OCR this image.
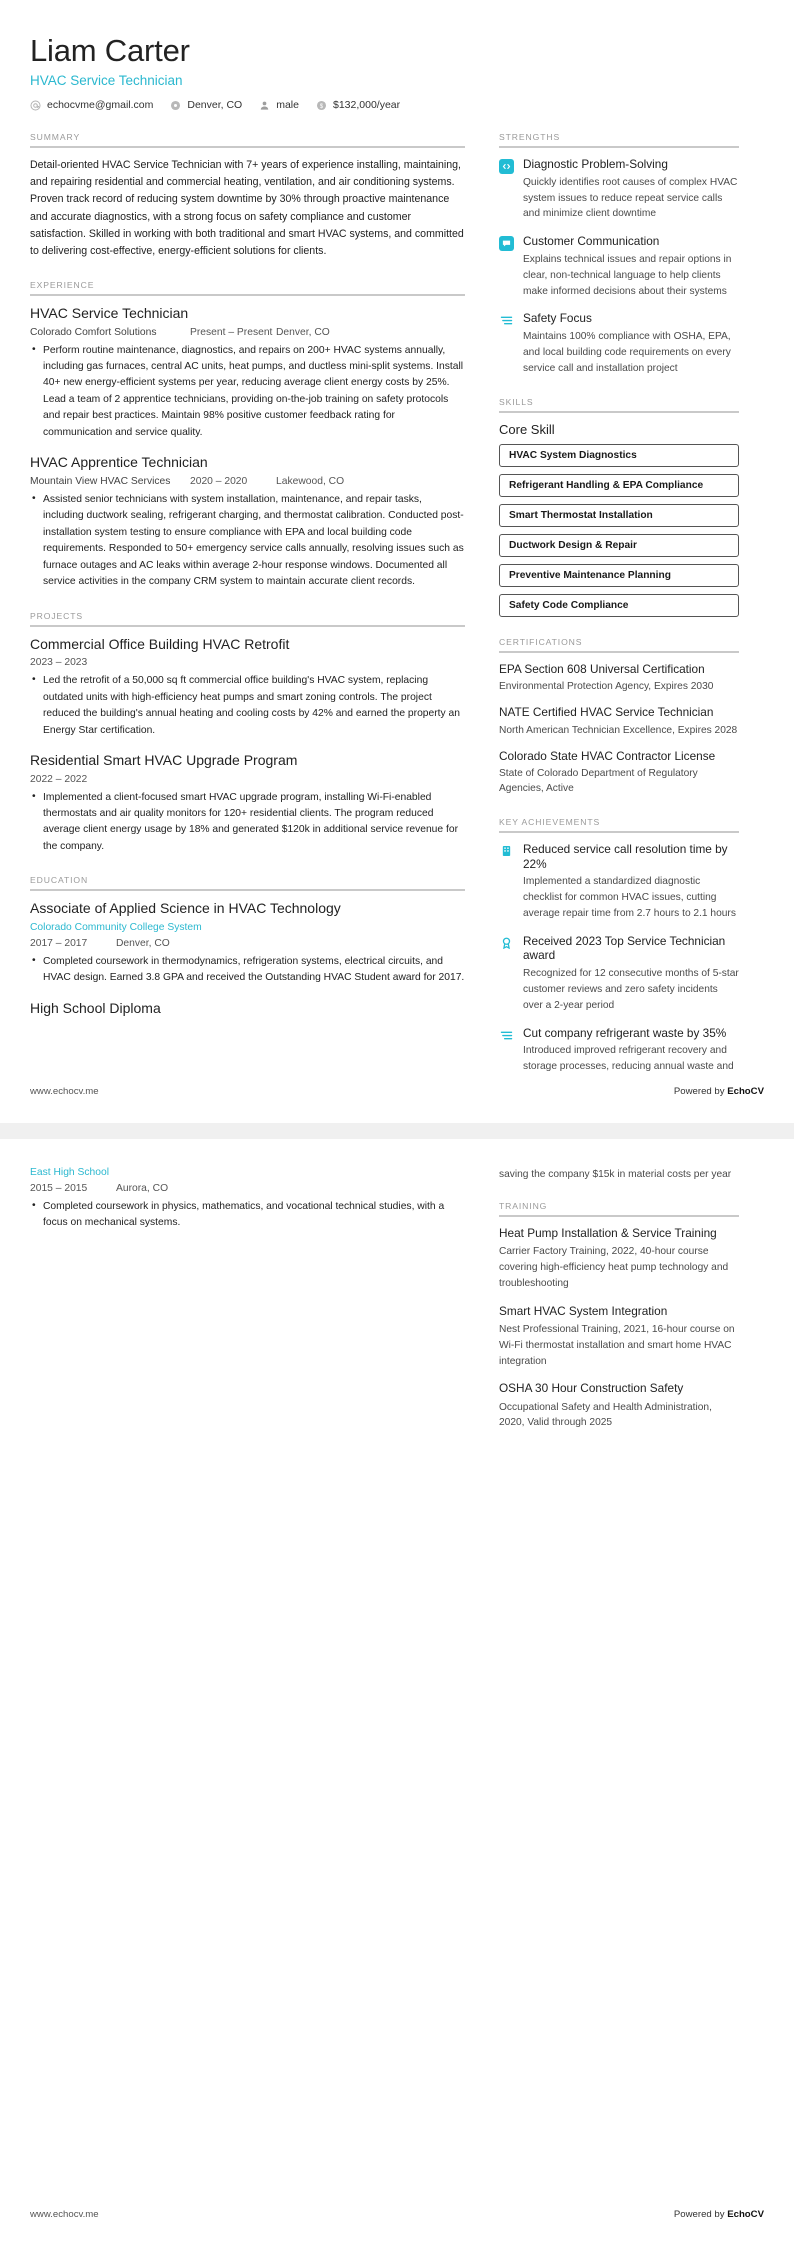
Liam Carter
HVAC Service Technician
echocvme@gmail.com	Denver, CO	male $ $132,000/year
SUMMARY
Detail-oriented HVAC Service Technician with 7+ years of experience installing, maintaining, and repairing residential and commercial heating, ventilation, and air conditioning systems. Proven track record of reducing system downtime by 30% through proactive maintenance and accurate diagnostics, with a strong focus on safety compliance and customer satisfaction. Skilled in working with both traditional and smart HVAC systems, and committed to delivering cost-effective, energy-efficient solutions for clients.
EXPERIENCE
HVAC Service Technician
Colorado Comfort Solutions	Present – Present Denver, CO
• Perform routine maintenance, diagnostics, and repairs on 200+ HVAC systems annually, including gas furnaces, central AC units, heat pumps, and ductless mini-split systems. Install 40+ new energy-efficient systems per year, reducing average client energy costs by 25%. Lead a team of 2 apprentice technicians, providing on-the-job training on safety protocols and repair best practices. Maintain 98% positive customer feedback rating for communication and service quality.
HVAC Apprentice Technician
Mountain View HVAC Services	2020 – 2020	Lakewood, CO
• Assisted senior technicians with system installation, maintenance, and repair tasks, including ductwork sealing, refrigerant charging, and thermostat calibration. Conducted post-installation system testing to ensure compliance with EPA and local building code requirements. Responded to 50+ emergency service calls annually, resolving issues such as furnace outages and AC leaks within average 2-hour response windows. Documented all service activities in the company CRM system to maintain accurate client records.
PROJECTS
Commercial Office Building HVAC Retrofit
2023 – 2023
• Led the retrofit of a 50,000 sq ft commercial office building's HVAC system, replacing outdated units with high-efficiency heat pumps and smart zoning controls. The project reduced the building's annual heating and cooling costs by 42% and earned the property an Energy Star certification.
Residential Smart HVAC Upgrade Program
2022 – 2022
• Implemented a client-focused smart HVAC upgrade program, installing Wi-Fi-enabled thermostats and air quality monitors for 120+ residential clients. The program reduced average client energy usage by 18% and generated $120k in additional service revenue for the company.
EDUCATION
Associate of Applied Science in HVAC Technology
Colorado Community College System
2017 – 2017	Denver, CO
• Completed coursework in thermodynamics, refrigeration systems, electrical circuits, and HVAC design. Earned 3.8 GPA and received the Outstanding HVAC Student award for 2017.
High School Diploma
STRENGTHS
Diagnostic Problem-Solving
Quickly identifies root causes of complex HVAC system issues to reduce repeat service calls and minimize client downtime
Customer Communication
Explains technical issues and repair options in clear, non-technical language to help clients make informed decisions about their systems
Safety Focus
Maintains 100% compliance with OSHA, EPA, and local building code requirements on every service call and installation project
SKILLS
Core Skill
HVAC System Diagnostics
Refrigerant Handling & EPA Compliance
Smart Thermostat Installation
Ductwork Design & Repair
Preventive Maintenance Planning
Safety Code Compliance
CERTIFICATIONS
EPA Section 608 Universal Certification
Environmental Protection Agency, Expires 2030
NATE Certified HVAC Service Technician
North American Technician Excellence, Expires 2028
Colorado State HVAC Contractor License
State of Colorado Department of Regulatory Agencies, Active
KEY ACHIEVEMENTS
Reduced service call resolution time by 22%
Implemented a standardized diagnostic checklist for common HVAC issues, cutting average repair time from 2.7 hours to 2.1 hours
Received 2023 Top Service Technician award
Recognized for 12 consecutive months of 5-star customer reviews and zero safety incidents over a 2-year period
Cut company refrigerant waste by 35%
Introduced improved refrigerant recovery and storage processes, reducing annual waste and
www.echocv.me	Powered by EchoCV
East High School
2015 – 2015	Aurora, CO
• Completed coursework in physics, mathematics, and vocational technical studies, with a focus on mechanical systems.
saving the company $15k in material costs per year
TRAINING
Heat Pump Installation & Service Training
Carrier Factory Training, 2022, 40-hour course covering high-efficiency heat pump technology and troubleshooting
Smart HVAC System Integration
Nest Professional Training, 2021, 16-hour course on Wi-Fi thermostat installation and smart home HVAC integration
OSHA 30 Hour Construction Safety
Occupational Safety and Health Administration, 2020, Valid through 2025
www.echocv.me	Powered by EchoCV
